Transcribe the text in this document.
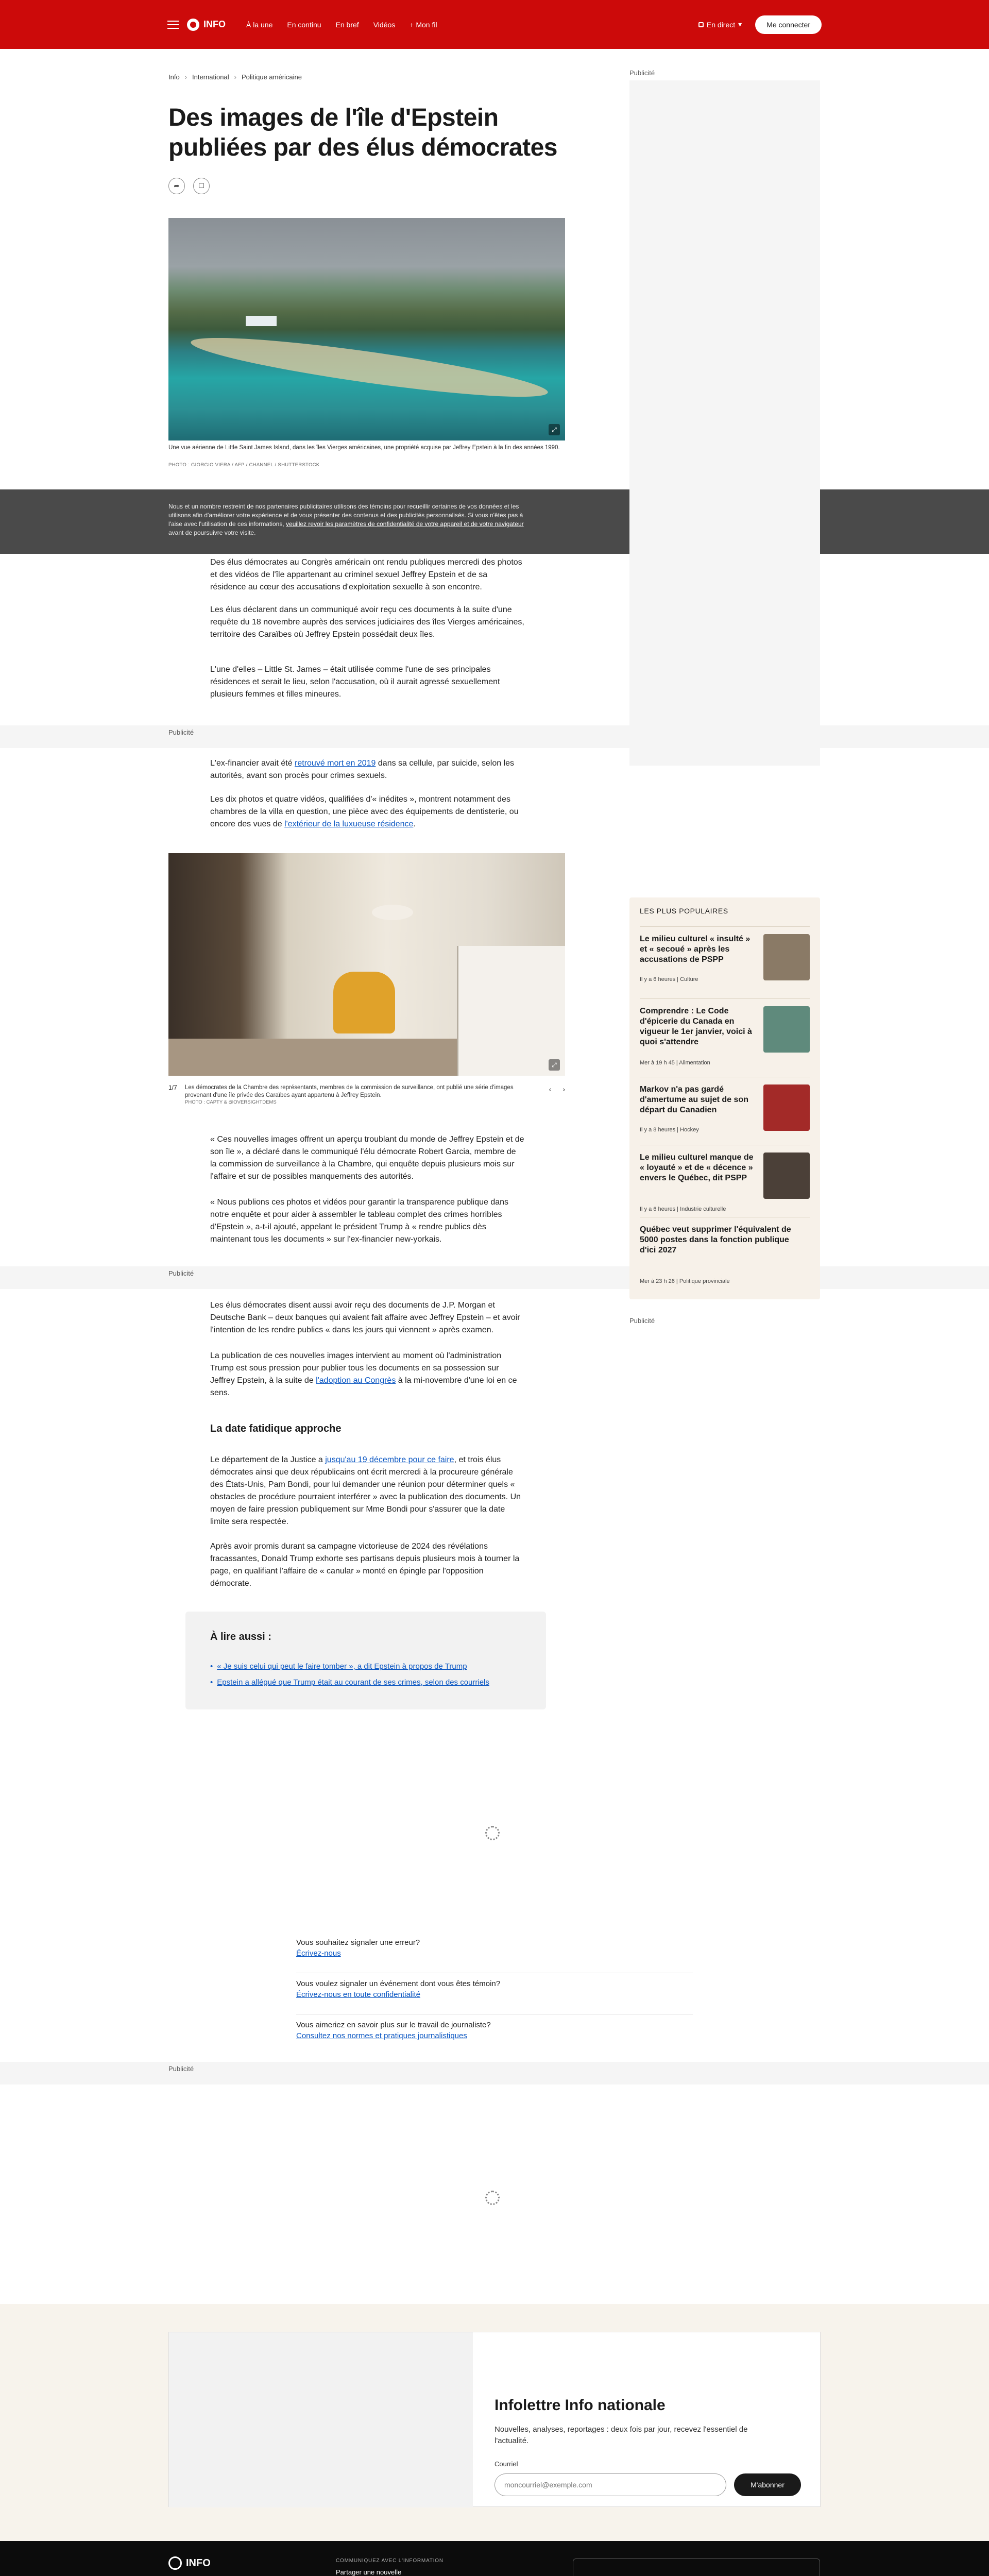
INFO	À la une En continu En bref Vidéos + Mon fil	En direct ▾	Me connecter
Info › International › Politique américaine
Des images de l'île d'Epstein publiées par des élus démocrates
➦	☐
⤢
Une vue aérienne de Little Saint James Island, dans les îles Vierges américaines, une propriété acquise par Jeffrey Epstein à la fin des années 1990.
PHOTO : GIORGIO VIERA / AFP / CHANNEL / SHUTTERSTOCK

Nous et un nombre restreint de nos partenaires publicitaires utilisons des témoins pour recueillir certaines de vos données et les utilisons afin d'améliorer votre expérience et de vous présenter des contenus et des publicités personnalisés. Si vous n'êtes pas à l'aise avec l'utilisation de ces informations, veuillez revoir les paramètres de confidentialité de votre appareil et de votre navigateur avant de poursuivre votre visite.

Des élus démocrates au Congrès américain ont rendu publiques mercredi des photos et des vidéos de l'île appartenant au criminel sexuel Jeffrey Epstein et de sa résidence au cœur des accusations d'exploitation sexuelle à son encontre.

Les élus déclarent dans un communiqué avoir reçu ces documents à la suite d'une requête du 18 novembre auprès des services judiciaires des îles Vierges américaines, territoire des Caraïbes où Jeffrey Epstein possédait deux îles.

L'une d'elles – Little St. James – était utilisée comme l'une de ses principales résidences et serait le lieu, selon l'accusation, où il aurait agressé sexuellement plusieurs femmes et filles mineures.

Publicité

L'ex-financier avait été retrouvé mort en 2019 dans sa cellule, par suicide, selon les autorités, avant son procès pour crimes sexuels.

Les dix photos et quatre vidéos, qualifiées d'« inédites », montrent notamment des chambres de la villa en question, une pièce avec des équipements de dentisterie, ou encore des vues de l'extérieur de la luxueuse résidence.

⤢
1/7 Les démocrates de la Chambre des représentants, membres de la commission de surveillance, ont publié une série d'images provenant d'une île privée des Caraïbes ayant appartenu à Jeffrey Epstein.
PHOTO : CAPTY & @OVERSIGHTDEMS
‹ ›

« Ces nouvelles images offrent un aperçu troublant du monde de Jeffrey Epstein et de son île », a déclaré dans le communiqué l'élu démocrate Robert Garcia, membre de la commission de surveillance à la Chambre, qui enquête depuis plusieurs mois sur l'affaire et sur de possibles manquements des autorités.

« Nous publions ces photos et vidéos pour garantir la transparence publique dans notre enquête et pour aider à assembler le tableau complet des crimes horribles d'Epstein », a-t-il ajouté, appelant le président Trump à « rendre publics dès maintenant tous les documents » sur l'ex-financier new-yorkais.

Publicité

Les élus démocrates disent aussi avoir reçu des documents de J.P. Morgan et Deutsche Bank – deux banques qui avaient fait affaire avec Jeffrey Epstein – et avoir l'intention de les rendre publics « dans les jours qui viennent » après examen.

La publication de ces nouvelles images intervient au moment où l'administration Trump est sous pression pour publier tous les documents en sa possession sur Jeffrey Epstein, à la suite de l'adoption au Congrès à la mi-novembre d'une loi en ce sens.

La date fatidique approche

Le département de la Justice a jusqu'au 19 décembre pour ce faire, et trois élus démocrates ainsi que deux républicains ont écrit mercredi à la procureure générale des États-Unis, Pam Bondi, pour lui demander une réunion pour déterminer quels « obstacles de procédure pourraient interférer » avec la publication des documents. Un moyen de faire pression publiquement sur Mme Bondi pour s'assurer que la date limite sera respectée.

Après avoir promis durant sa campagne victorieuse de 2024 des révélations fracassantes, Donald Trump exhorte ses partisans depuis plusieurs mois à tourner la page, en qualifiant l'affaire de « canular » monté en épingle par l'opposition démocrate.

À lire aussi :
• « Je suis celui qui peut le faire tomber », a dit Epstein à propos de Trump
• Epstein a allégué que Trump était au courant de ses crimes, selon des courriels
Vous souhaitez signaler une erreur?
Écrivez-nous
Vous voulez signaler un événement dont vous êtes témoin?
Écrivez-nous en toute confidentialité
Vous aimeriez en savoir plus sur le travail de journaliste?
Consultez nos normes et pratiques journalistiques
Publicité
Publicité
LES PLUS POPULAIRES
Le milieu culturel « insulté » et « secoué » après les accusations de PSPP
Il y a 6 heures | Culture
Comprendre : Le Code d'épicerie du Canada en vigueur le 1er janvier, voici à quoi s'attendre
Mer à 19 h 45 | Alimentation
Markov n'a pas gardé d'amertume au sujet de son départ du Canadien
Il y a 8 heures | Hockey
Le milieu culturel manque de « loyauté » et de « décence » envers le Québec, dit PSPP
Il y a 6 heures | Industrie culturelle
Québec veut supprimer l'équivalent de 5000 postes dans la fonction publique d'ici 2027
Mer à 23 h 26 | Politique provinciale
Publicité
Infolettre Info nationale

Nouvelles, analyses, reportages : deux fois par jour, recevez l'essentiel de l'actualité.

Courriel
moncourriel@exemple.com
M'abonner
INFO	COMMUNIQUEZ AVEC L'INFORMATION
Partager une nouvelle
